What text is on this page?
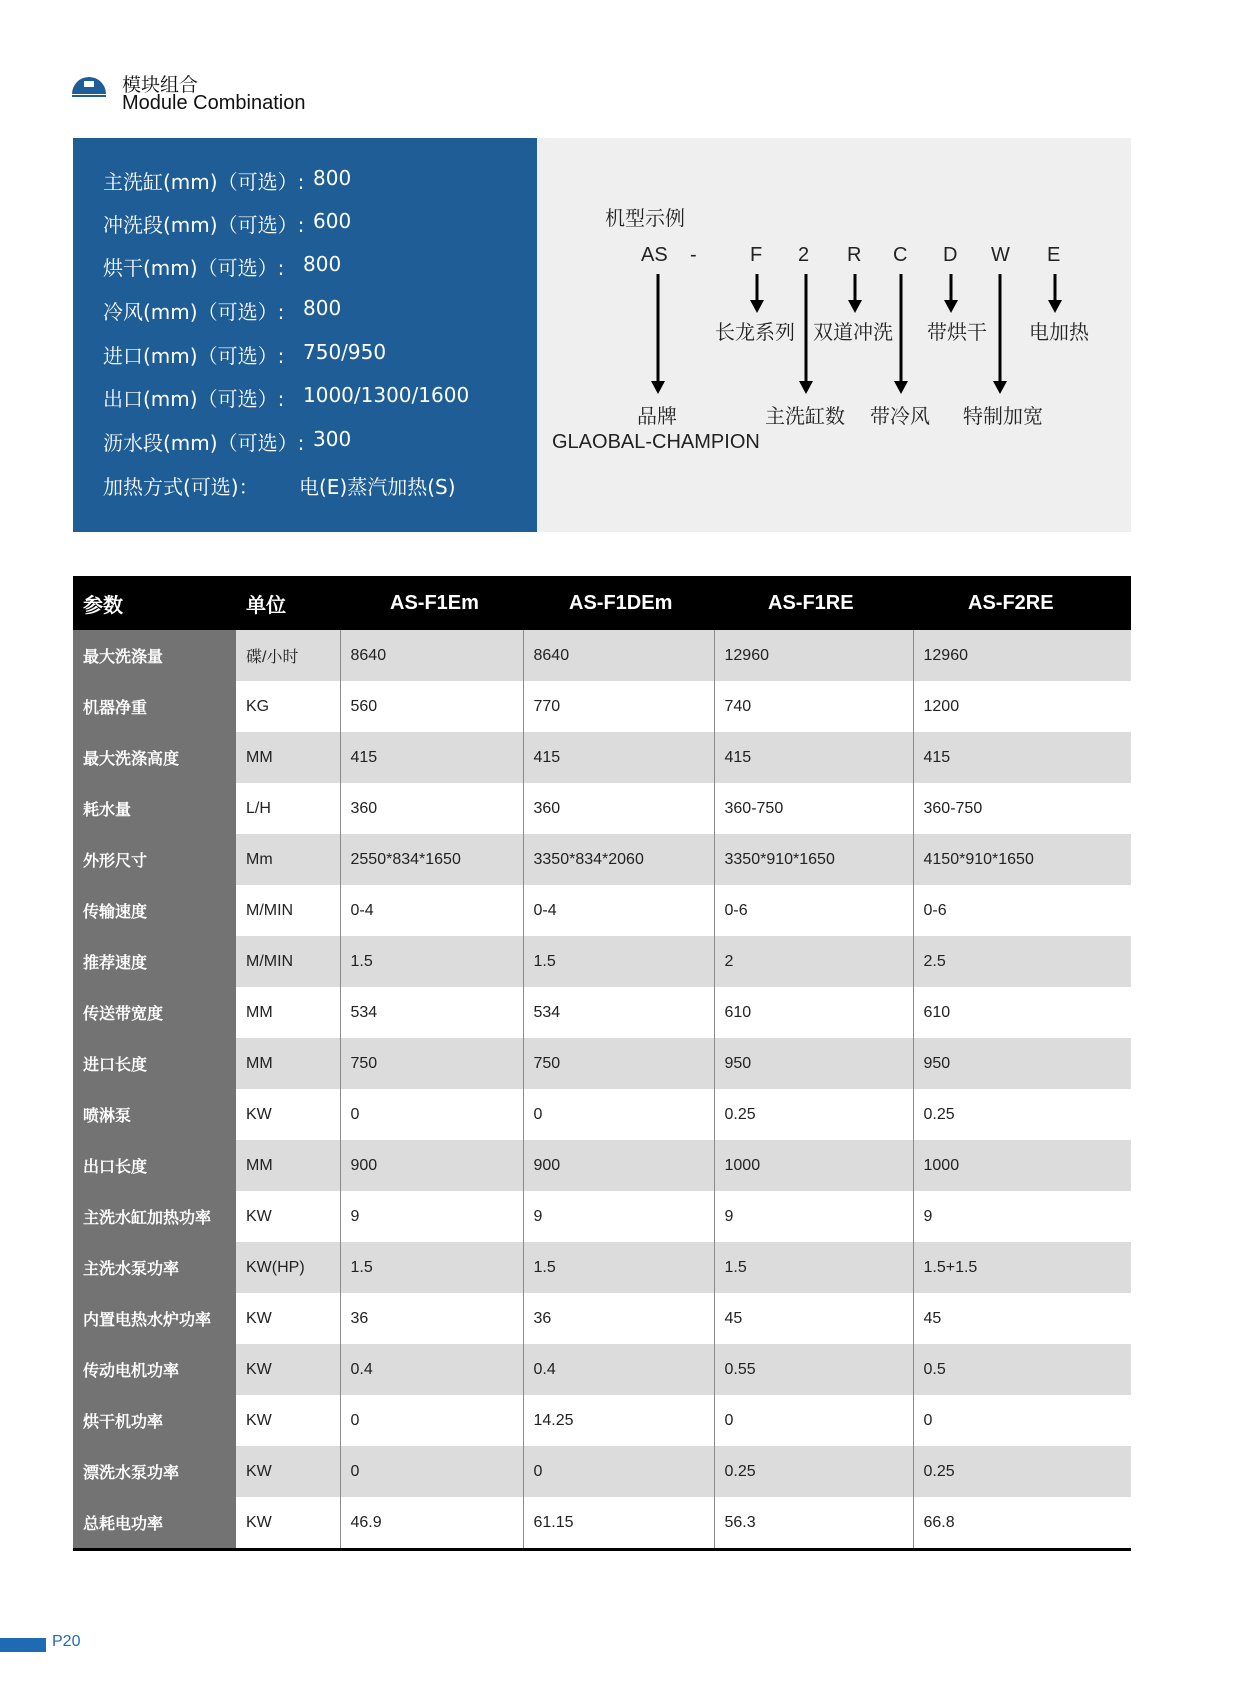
模块组合
Module Combination
主洗缸(mm)（可选）: 800
冲洗段(mm)（可选）: 600
烘干(mm)（可选）: 800
冷风(mm)（可选）: 800
进口(mm)（可选）: 750/950
出口(mm)（可选）: 1000/1300/1600
沥水段(mm)（可选）: 300
加热方式(可选)： 电(E)蒸汽加热(S)
机型示例
AS -	F 2 R C D W E
长龙系列 双道冲洗 带烘干 电加热
品牌	主洗缸数 带冷风 特制加宽
GLAOBAL-CHAMPION
参数	单位	AS-F1Em	AS-F1DEm	AS-F1RE	AS-F2RE
最大洗涤量	碟/小时	8640	8640	12960	12960
机器净重	KG	560	770	740	1200
最大洗涤高度	MM	415	415	415	415
耗水量	L/H	360	360	360-750	360-750
外形尺寸	Mm	2550*834*1650	3350*834*2060	3350*910*1650	4150*910*1650
传输速度	M/MIN	0-4	0-4	0-6	0-6
推荐速度	M/MIN	1.5	1.5	2	2.5
传送带宽度	MM	534	534	610	610
进口长度	MM	750	750	950	950
喷淋泵	KW	0	0	0.25	0.25
出口长度	MM	900	900	1000	1000
主洗水缸加热功率	KW	9	9	9	9
主洗水泵功率	KW(HP)	1.5	1.5	1.5	1.5+1.5
内置电热水炉功率	KW	36	36	45	45
传动电机功率	KW	0.4	0.4	0.55	0.5
烘干机功率	KW	0	14.25	0	0
漂洗水泵功率	KW	0	0	0.25	0.25
总耗电功率	KW	46.9	61.15	56.3	66.8
P20
